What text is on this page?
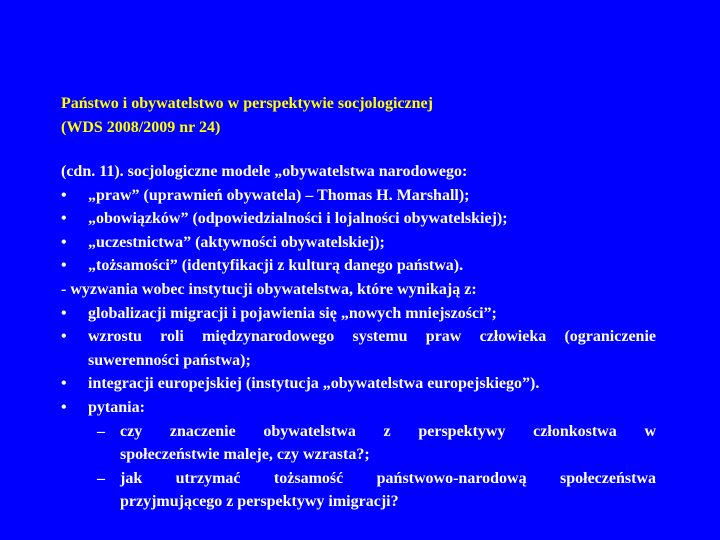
Państwo i obywatelstwo w perspektywie socjologicznej
(WDS 2008/2009 nr 24)
(cdn. 11). socjologiczne modele „obywatelstwa narodowego:
•	„praw” (uprawnień obywatela) – Thomas H. Marshall);
•	„obowiązków” (odpowiedzialności i lojalności obywatelskiej);
•	„uczestnictwa” (aktywności obywatelskiej);
•	„tożsamości” (identyfikacji z kulturą danego państwa).
- wyzwania wobec instytucji obywatelstwa, które wynikają z:
•	globalizacji migracji i pojawienia się „nowych mniejszości”;
•	wzrostu roli międzynarodowego systemu praw człowieka (ograniczenie
suwerenności państwa);
•	integracji europejskiej (instytucja „obywatelstwa europejskiego”).
•	pytania:
– czy znaczenie obywatelstwa z perspektywy członkostwa w
społeczeństwie maleje, czy wzrasta?;
– jak utrzymać tożsamość państwowo-narodową społeczeństwa
przyjmującego z perspektywy imigracji?
